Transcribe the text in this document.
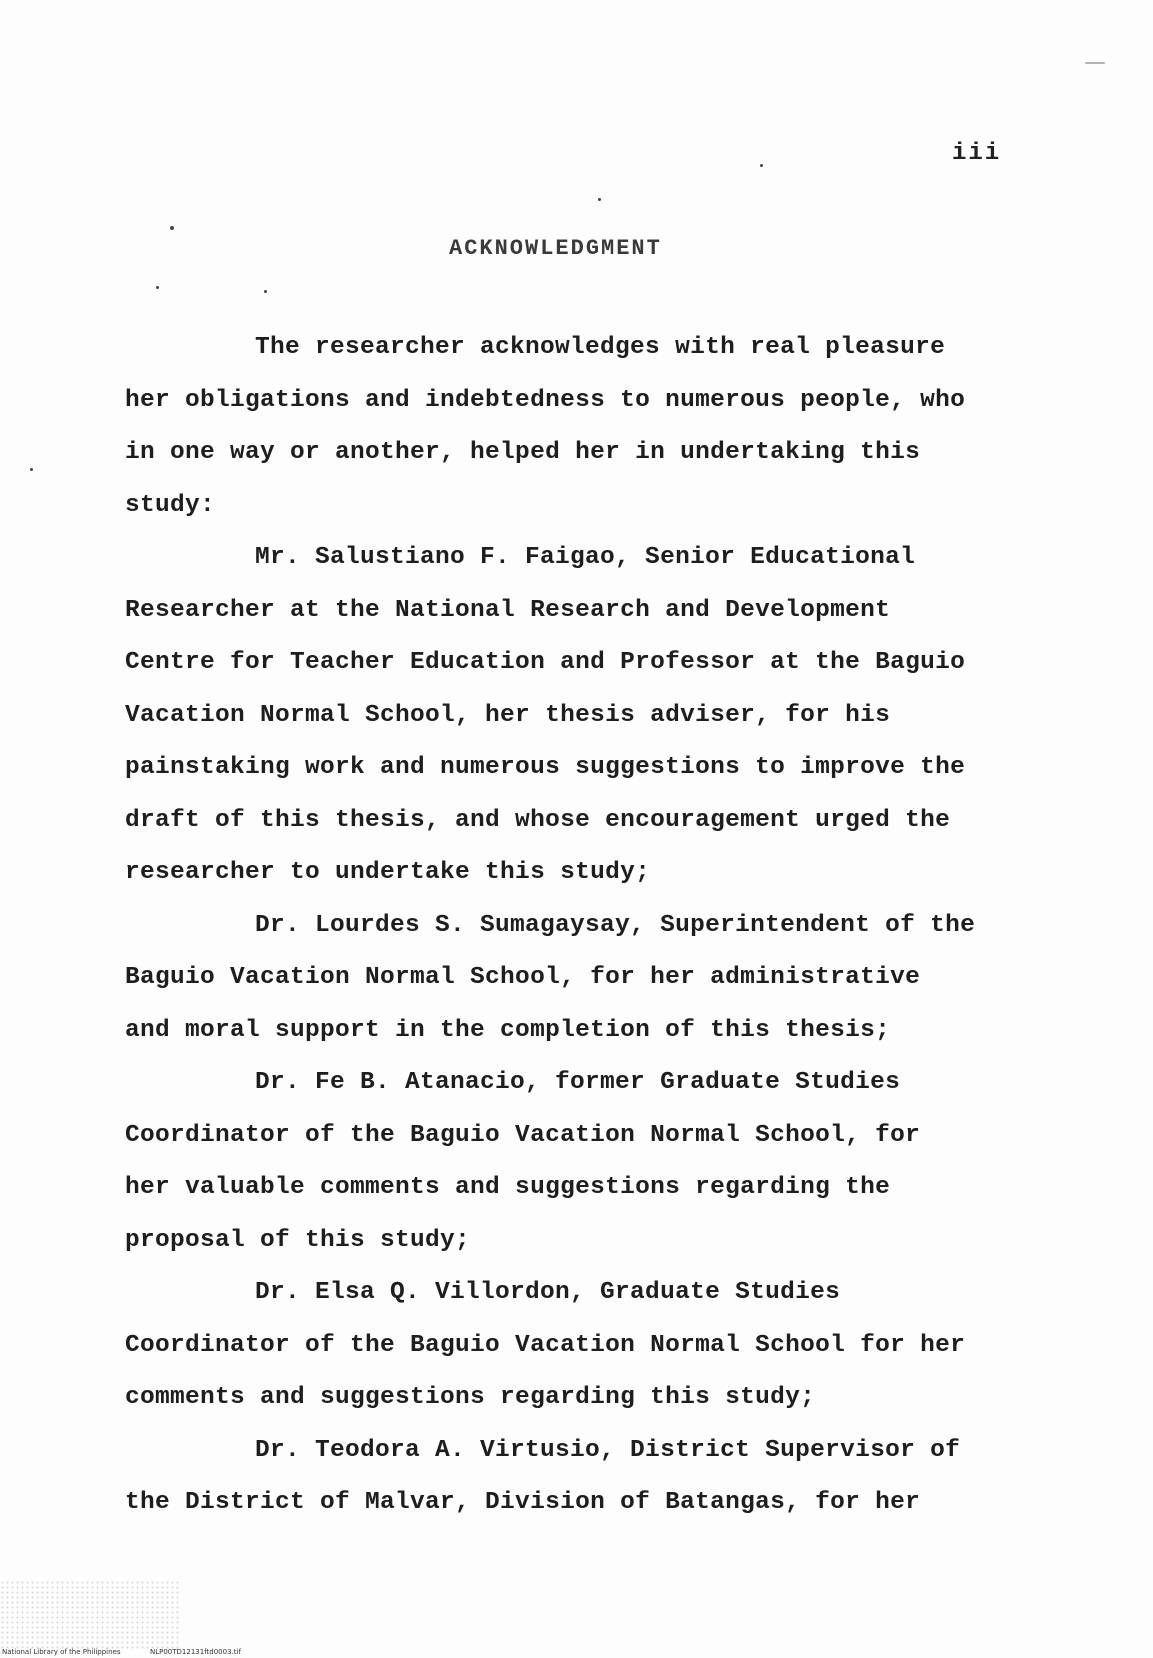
iii
ACKNOWLEDGMENT
The researcher acknowledges with real pleasure
her obligations and indebtedness to numerous people, who
in one way or another, helped her in undertaking this
study:
Mr. Salustiano F. Faigao, Senior Educational
Researcher at the National Research and Development
Centre for Teacher Education and Professor at the Baguio
Vacation Normal School, her thesis adviser, for his
painstaking work and numerous suggestions to improve the
draft of this thesis, and whose encouragement urged the
researcher to undertake this study;
Dr. Lourdes S. Sumagaysay, Superintendent of the
Baguio Vacation Normal School, for her administrative
and moral support in the completion of this thesis;
Dr. Fe B. Atanacio, former Graduate Studies
Coordinator of the Baguio Vacation Normal School, for
her valuable comments and suggestions regarding the
proposal of this study;
Dr. Elsa Q. Villordon, Graduate Studies
Coordinator of the Baguio Vacation Normal School for her
comments and suggestions regarding this study;
Dr. Teodora A. Virtusio, District Supervisor of
the District of Malvar, Division of Batangas, for her
National Library of the Philippines	NLP00TD12131ftd0003.tif
